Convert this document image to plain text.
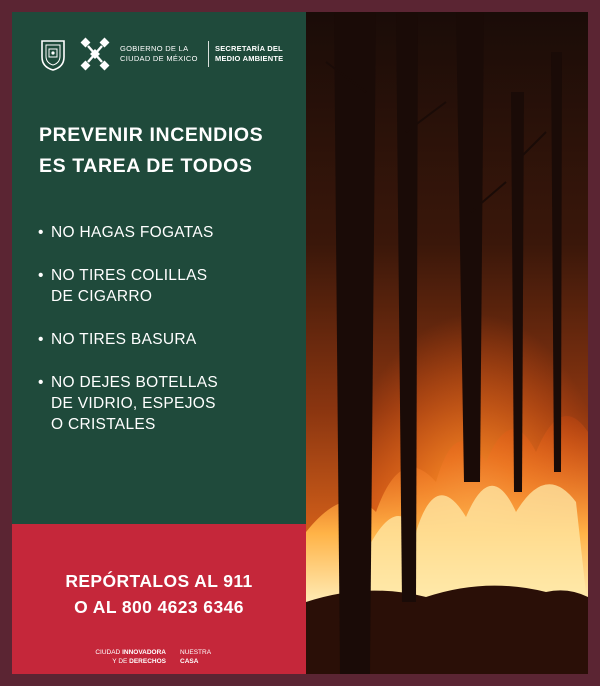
GOBIERNO DE LA
CIUDAD DE MÉXICO
SECRETARÍA DEL
MEDIO AMBIENTE
PREVENIR INCENDIOS
ES TAREA DE TODOS
• NO HAGAS FOGATAS
• NO TIRES COLILLAS
DE CIGARRO
• NO TIRES BASURA
• NO DEJES BOTELLAS
DE VIDRIO, ESPEJOS
O CRISTALES
REPÓRTALOS AL 911
O AL 800 4623 6346
CIUDAD INNOVADORA
Y DE DERECHOS
NUESTRA
CASA
